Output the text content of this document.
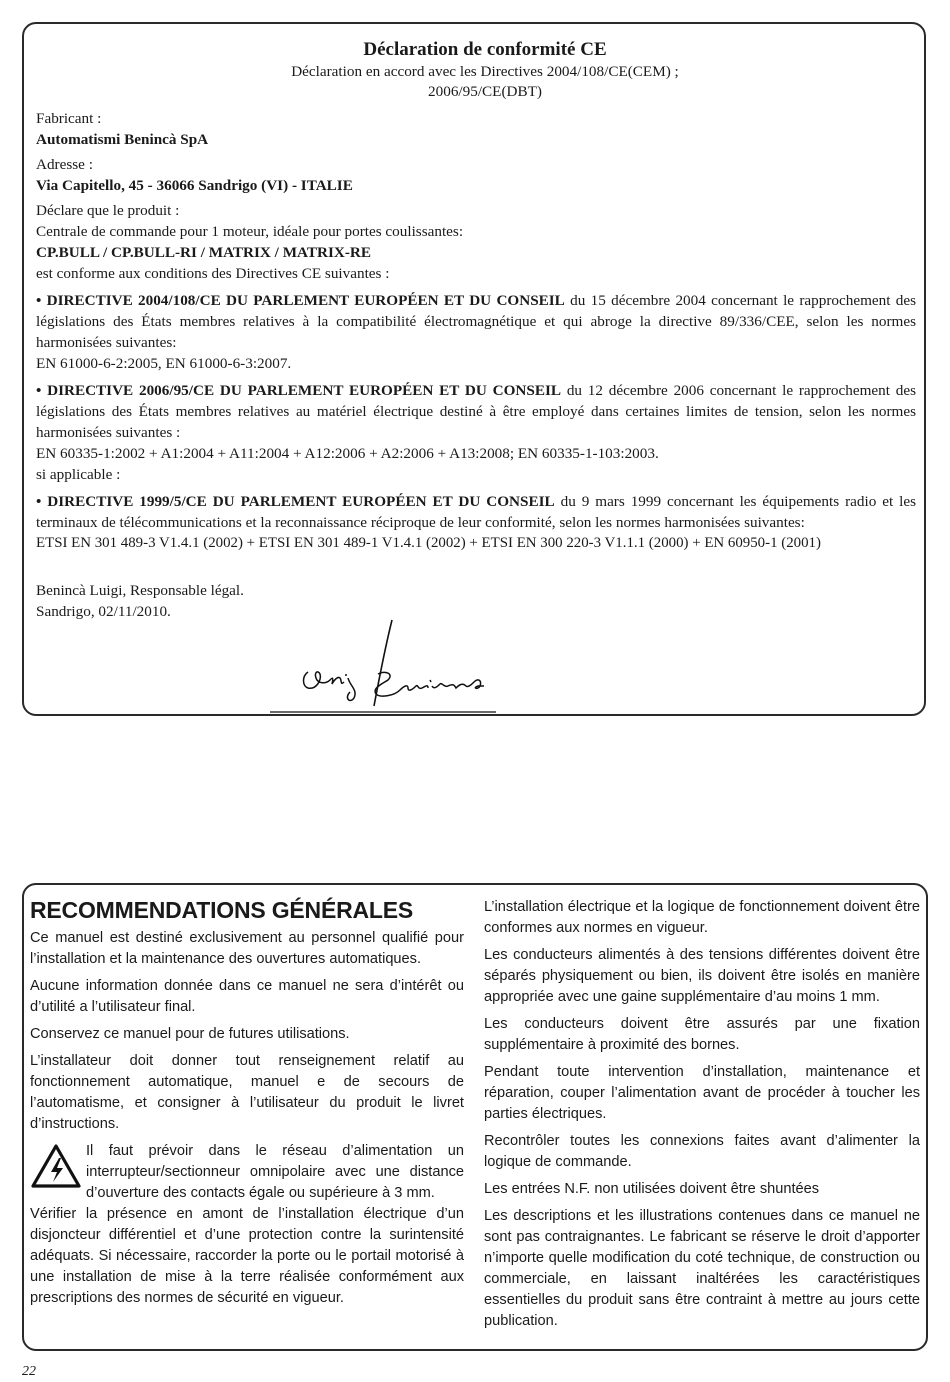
Déclaration de conformité CE
Déclaration en accord avec les Directives 2004/108/CE(CEM) ;
2006/95/CE(DBT)
Fabricant :
Automatismi Benincà SpA
Adresse :
Via Capitello, 45 - 36066 Sandrigo (VI) - ITALIE
Déclare que le produit :
Centrale de commande pour 1 moteur, idéale pour portes coulissantes:
CP.BULL / CP.BULL-RI / MATRIX / MATRIX-RE
est conforme aux conditions des Directives CE suivantes :
• DIRECTIVE 2004/108/CE DU PARLEMENT EUROPÉEN ET DU CONSEIL du 15 décembre 2004 concernant le rapprochement des législations des États membres relatives à la compatibilité électromagnétique et qui abroge la directive 89/336/CEE, selon les normes harmonisées suivantes:
EN 61000-6-2:2005, EN 61000-6-3:2007.
• DIRECTIVE 2006/95/CE DU PARLEMENT EUROPÉEN ET DU CONSEIL du 12 décembre 2006 concernant le rapprochement des législations des États membres relatives au matériel électrique destiné à être employé dans certaines limites de tension, selon les normes harmonisées suivantes :
EN 60335-1:2002 + A1:2004 + A11:2004 + A12:2006 + A2:2006 + A13:2008; EN 60335-1-103:2003.
si applicable :
• DIRECTIVE 1999/5/CE DU PARLEMENT EUROPÉEN ET DU CONSEIL du 9 mars 1999 concernant les équipements radio et les terminaux de télécommunications et la reconnaissance réciproque de leur conformité, selon les normes harmonisées suivantes:
ETSI EN 301 489-3 V1.4.1 (2002) + ETSI EN 301 489-1 V1.4.1 (2002) + ETSI EN 300 220-3 V1.1.1 (2000) + EN 60950-1 (2001)
Benincà Luigi, Responsable légal.
Sandrigo, 02/11/2010.
RECOMMENDATIONS GÉNÉRALES

Ce manuel est destiné exclusivement au personnel qualifié pour l’installation et la maintenance des ouvertures automatiques.

Aucune information donnée dans ce manuel ne sera d’intérêt ou d’utilité a l’utilisateur final.

Conservez ce manuel pour de futures utilisations.

L’installateur doit donner tout renseignement relatif au fonctionnement automatique, manuel e de secours de l’automatisme, et consigner à l’utilisateur du produit le livret d’instructions.

Il faut prévoir dans le réseau d’alimentation un interrupteur/sectionneur omnipolaire avec une distance d’ouverture des contacts égale ou supérieure à 3 mm.

Vérifier la présence en amont de l’installation électrique d’un disjoncteur différentiel et d’une protection contre la surintensité adéquats. Si nécessaire, raccorder la porte ou le portail motorisé à une installation de mise à la terre réalisée conformément aux prescriptions des normes de sécurité en vigueur.

L’installation électrique et la logique de fonctionnement doivent être conformes aux normes en vigueur.

Les conducteurs alimentés à des tensions différentes doivent être séparés physiquement ou bien, ils doivent être isolés en manière appropriée avec une gaine supplémentaire d’au moins 1 mm.

Les conducteurs doivent être assurés par une fixation supplémentaire à proximité des bornes.

Pendant toute intervention d’installation, maintenance et réparation, couper l’alimentation avant de procéder à toucher les parties électriques.

Recontrôler toutes les connexions faites avant d’alimenter la logique de commande.

Les entrées N.F. non utilisées doivent être shuntées

Les descriptions et les illustrations contenues dans ce manuel ne sont pas contraignantes. Le fabricant se réserve le droit d’apporter n’importe quelle modification du coté technique, de construction ou commerciale, en laissant inaltérées les caractéristiques essentielles du produit sans être contraint à mettre au jours cette publication.

22
